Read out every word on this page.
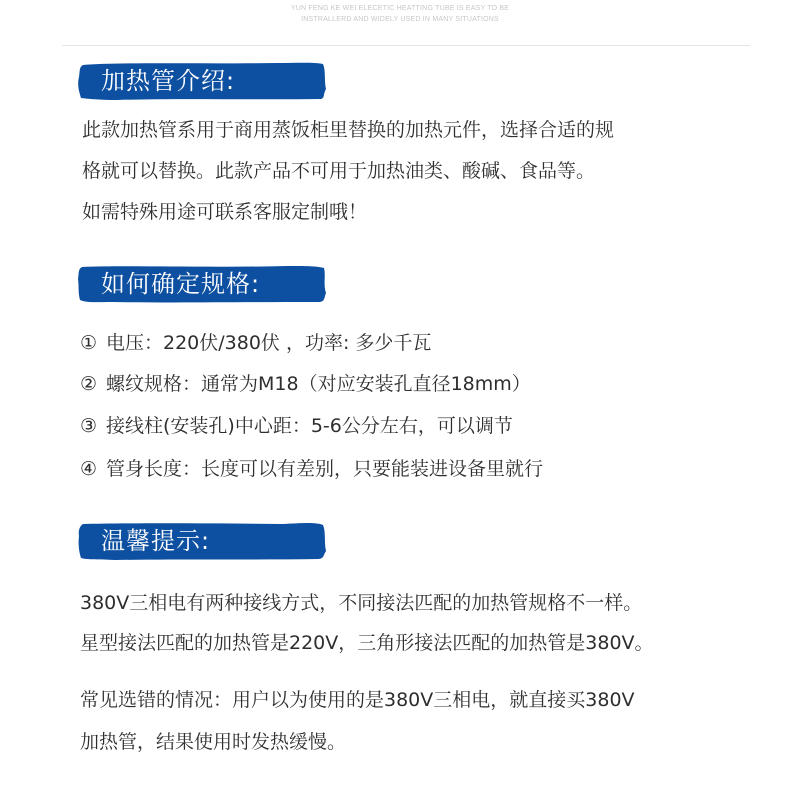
YUN FENG KE WEI ELECETIC HEATTING TUBE IS EASY TO BE
INSTRALLERD AND WIDELY USED IN MANY SITUATIONS
加热管介绍:
此款加热管系用于商用蒸饭柜里替换的加热元件，选择合适的规
格就可以替换。此款产品不可用于加热油类、酸碱、食品等。
如需特殊用途可联系客服定制哦！
如何确定规格:
① 电压：220伏/380伏 ，功率: 多少千瓦
② 螺纹规格：通常为M18（对应安装孔直径18mm）
③ 接线柱(安装孔)中心距：5-6公分左右，可以调节
④ 管身长度：长度可以有差别，只要能装进设备里就行
温馨提示:
380V三相电有两种接线方式，不同接法匹配的加热管规格不一样。
星型接法匹配的加热管是220V，三角形接法匹配的加热管是380V。
常见选错的情况：用户以为使用的是380V三相电，就直接买380V
加热管，结果使用时发热缓慢。
